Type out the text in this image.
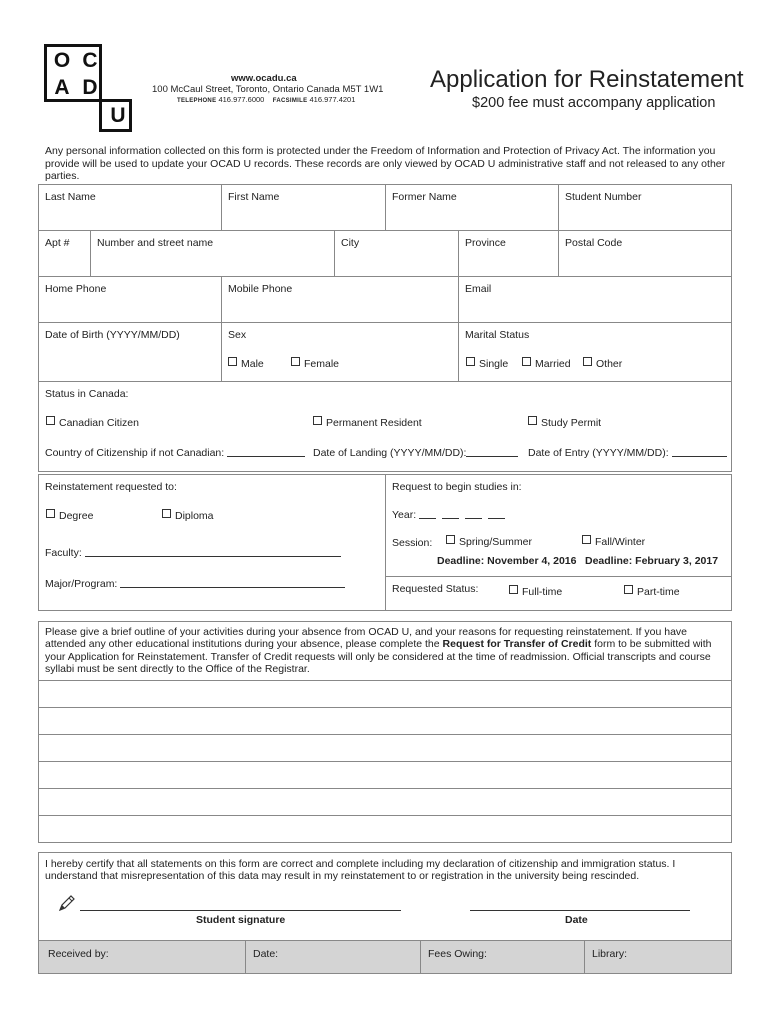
O C
A D
U
www.ocadu.ca
100 McCaul Street, Toronto, Ontario Canada M5T 1W1
TELEPHONE 416.977.6000 FACSIMILE 416.977.4201
Application for Reinstatement
$200 fee must accompany application
Any personal information collected on this form is protected under the Freedom of Information and Protection of Privacy Act. The information you provide will be used to update your OCAD U records. These records are only viewed by OCAD U administrative staff and not released to any other parties.
Last Name	First Name	Former Name	Student Number
Apt #	Number and street name	City	Province	Postal Code
Home Phone	Mobile Phone	Email
Date of Birth (YYYY/MM/DD)	Sex
Male	Female
Marital Status
Single	Married	Other
Status in Canada:
Canadian Citizen	Permanent Resident	Study Permit
Country of Citizenship if not Canadian:	Date of Landing (YYYY/MM/DD):	Date of Entry (YYYY/MM/DD):
Reinstatement requested to:
Degree	Diploma
Faculty:
Major/Program:
Request to begin studies in:
Year:
Session:	Spring/Summer	Fall/Winter
Deadline: November 4, 2016 Deadline: February 3, 2017
Requested Status:	Full-time	Part-time
Please give a brief outline of your activities during your absence from OCAD U, and your reasons for requesting reinstatement. If you have attended any other educational institutions during your absence, please complete the Request for Transfer of Credit form to be submitted with your Application for Reinstatement. Transfer of Credit requests will only be considered at the time of readmission. Official transcripts and course syllabi must be sent directly to the Office of the Registrar.
I hereby certify that all statements on this form are correct and complete including my declaration of citizenship and immigration status. I understand that misrepresentation of this data may result in my reinstatement to or registration in the university being rescinded.
Student signature	Date
Received by:	Date:	Fees Owing:	Library:
